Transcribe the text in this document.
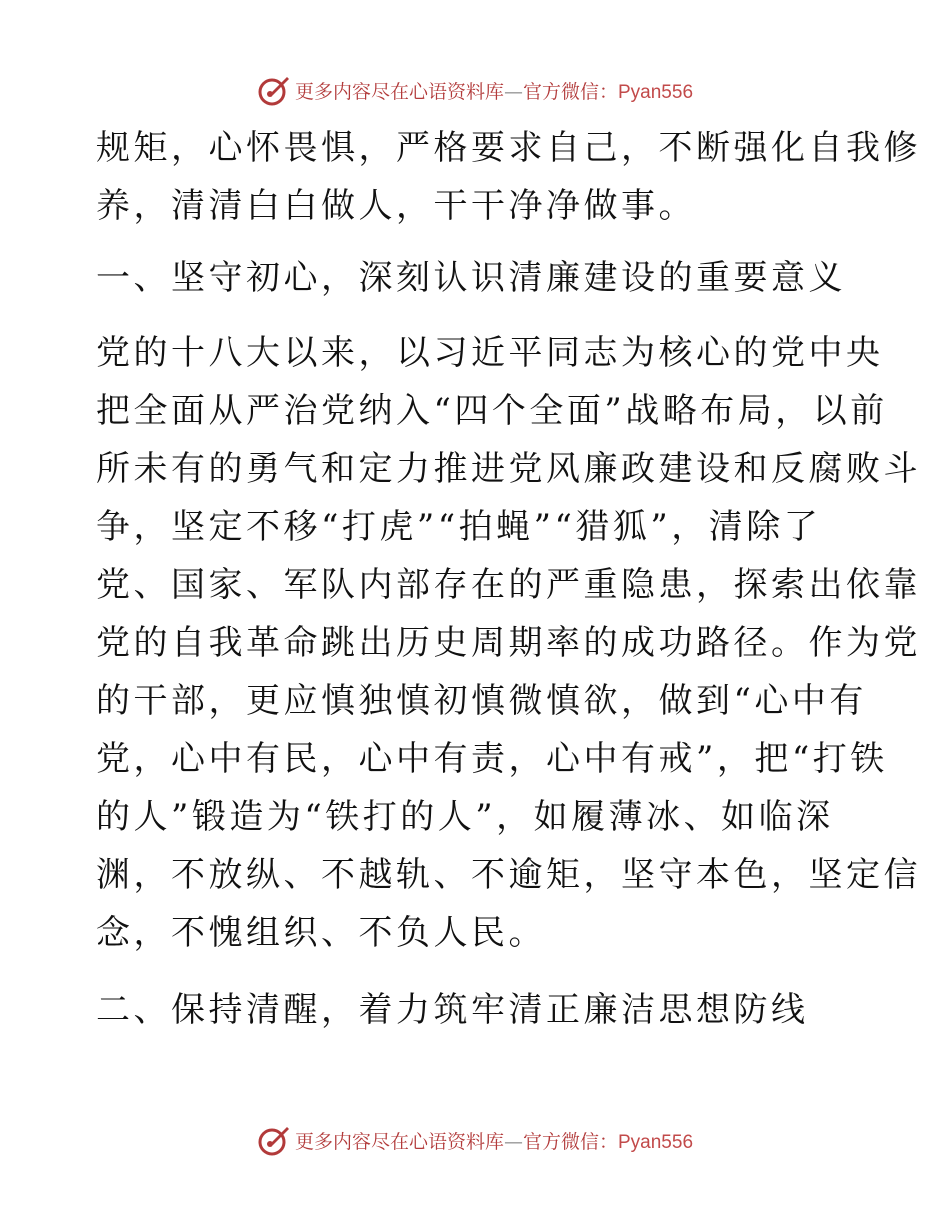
更多内容尽在心语资料库—官方微信：Pyan556
规矩，心怀畏惧，严格要求自己，不断强化自我修
养，清清白白做人，干干净净做事。
一、坚守初心，深刻认识清廉建设的重要意义
党的十八大以来，以习近平同志为核心的党中央
把全面从严治党纳入“四个全面”战略布局，以前
所未有的勇气和定力推进党风廉政建设和反腐败斗
争，坚定不移“打虎”“拍蝇”“猎狐”，清除了
党、国家、军队内部存在的严重隐患，探索出依靠
党的自我革命跳出历史周期率的成功路径。作为党
的干部，更应慎独慎初慎微慎欲，做到“心中有
党，心中有民，心中有责，心中有戒”，把“打铁
的人”锻造为“铁打的人”，如履薄冰、如临深
渊，不放纵、不越轨、不逾矩，坚守本色，坚定信
念，不愧组织、不负人民。
二、保持清醒，着力筑牢清正廉洁思想防线
更多内容尽在心语资料库—官方微信：Pyan556
